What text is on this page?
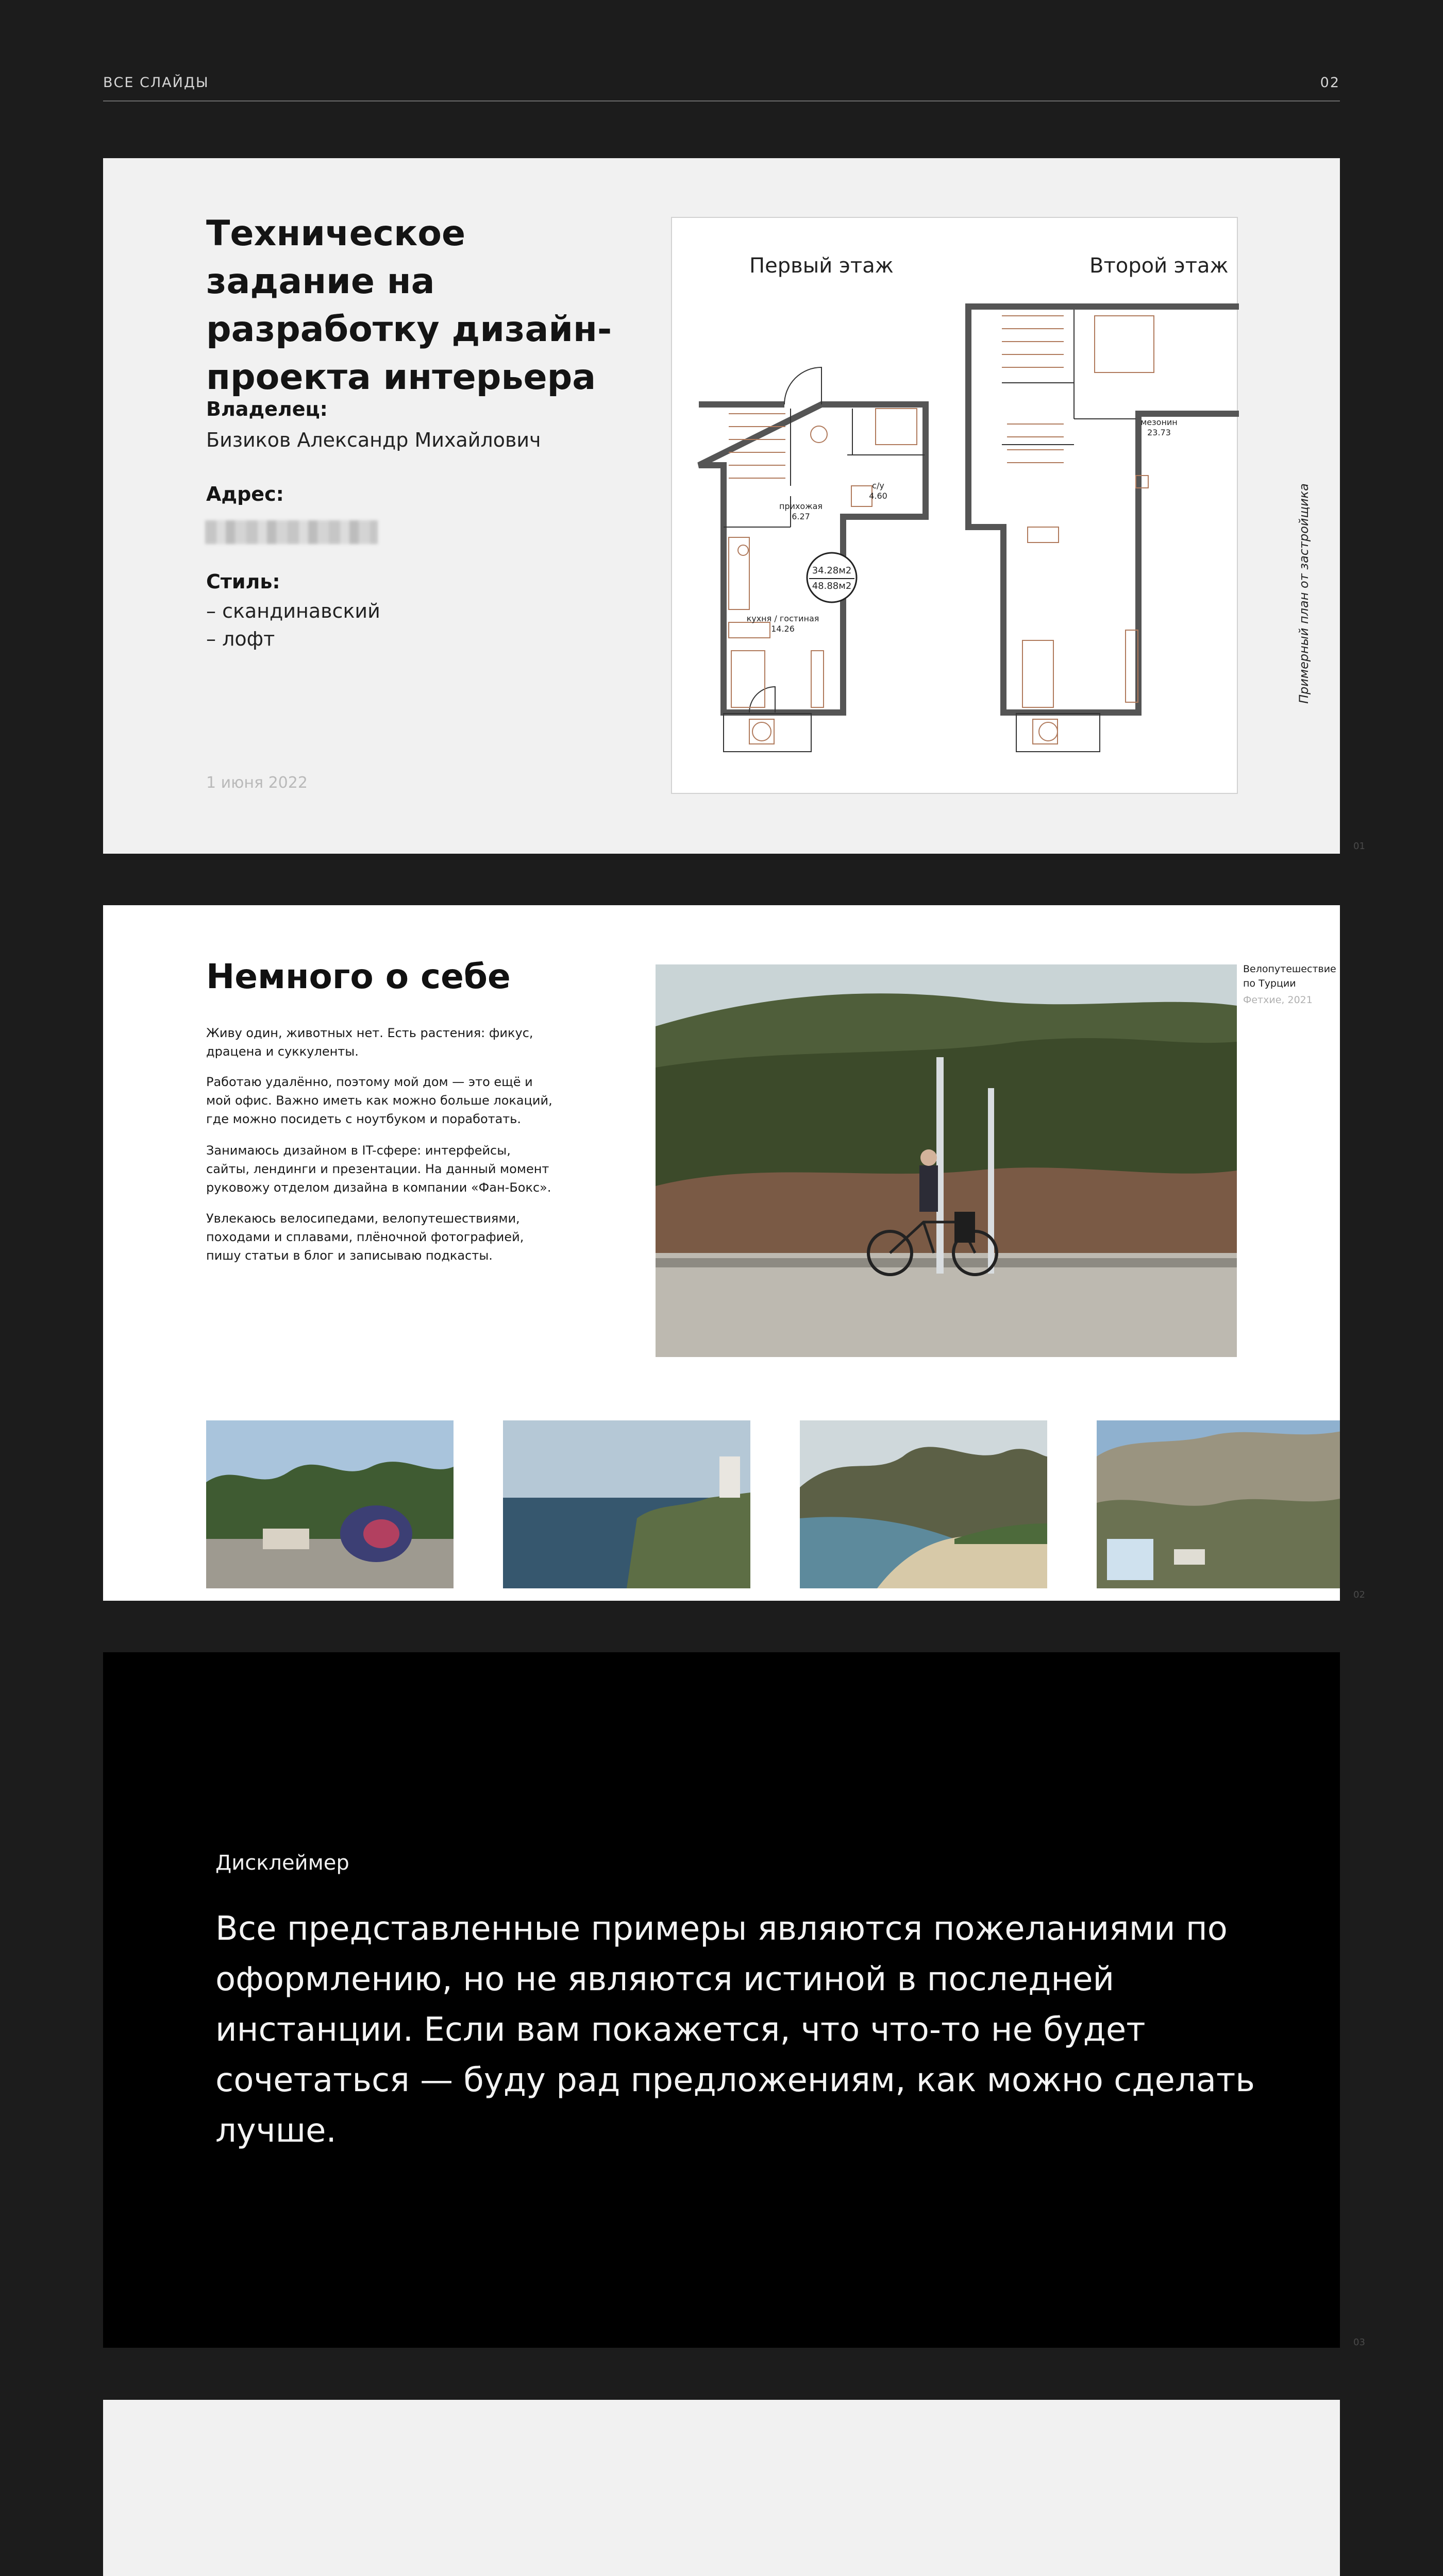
ВСЕ СЛАЙДЫ	02
Техническое задание на разработку дизайн-проекта интерьера
Владелец:
Бизиков Александр Михайлович
Адрес:
Стиль:
– скандинавский
– лофт
1 июня 2022
Первый этаж	Второй этаж
прихожая
6.27
с/у
4.60
кухня / гостиная
14.26
мезонин
23.73
34.28м2
48.88м2	Примерный план от застройщика
01
Немного о себе
Живу один, животных нет. Есть растения: фикус, драцена и суккуленты.
Работаю удалённо, поэтому мой дом — это ещё и мой офис. Важно иметь как можно больше локаций, где можно посидеть с ноутбуком и поработать.
Занимаюсь дизайном в IT-сфере: интерфейсы, сайты, лендинги и презентации. На данный момент руковожу отделом дизайна в компании «Фан-Бокс».
Увлекаюсь велосипедами, велопутешествиями, походами и сплавами, плёночной фотографией, пишу статьи в блог и записываю подкасты.
Велопутешествие по Турции
Фетхие, 2021
02
Дисклеймер
Все представленные примеры являются пожеланиями по оформлению, но не являются истиной в последней инстанции. Если вам покажется, что что-то не будет сочетаться — буду рад предложениям, как можно сделать лучше.
03
